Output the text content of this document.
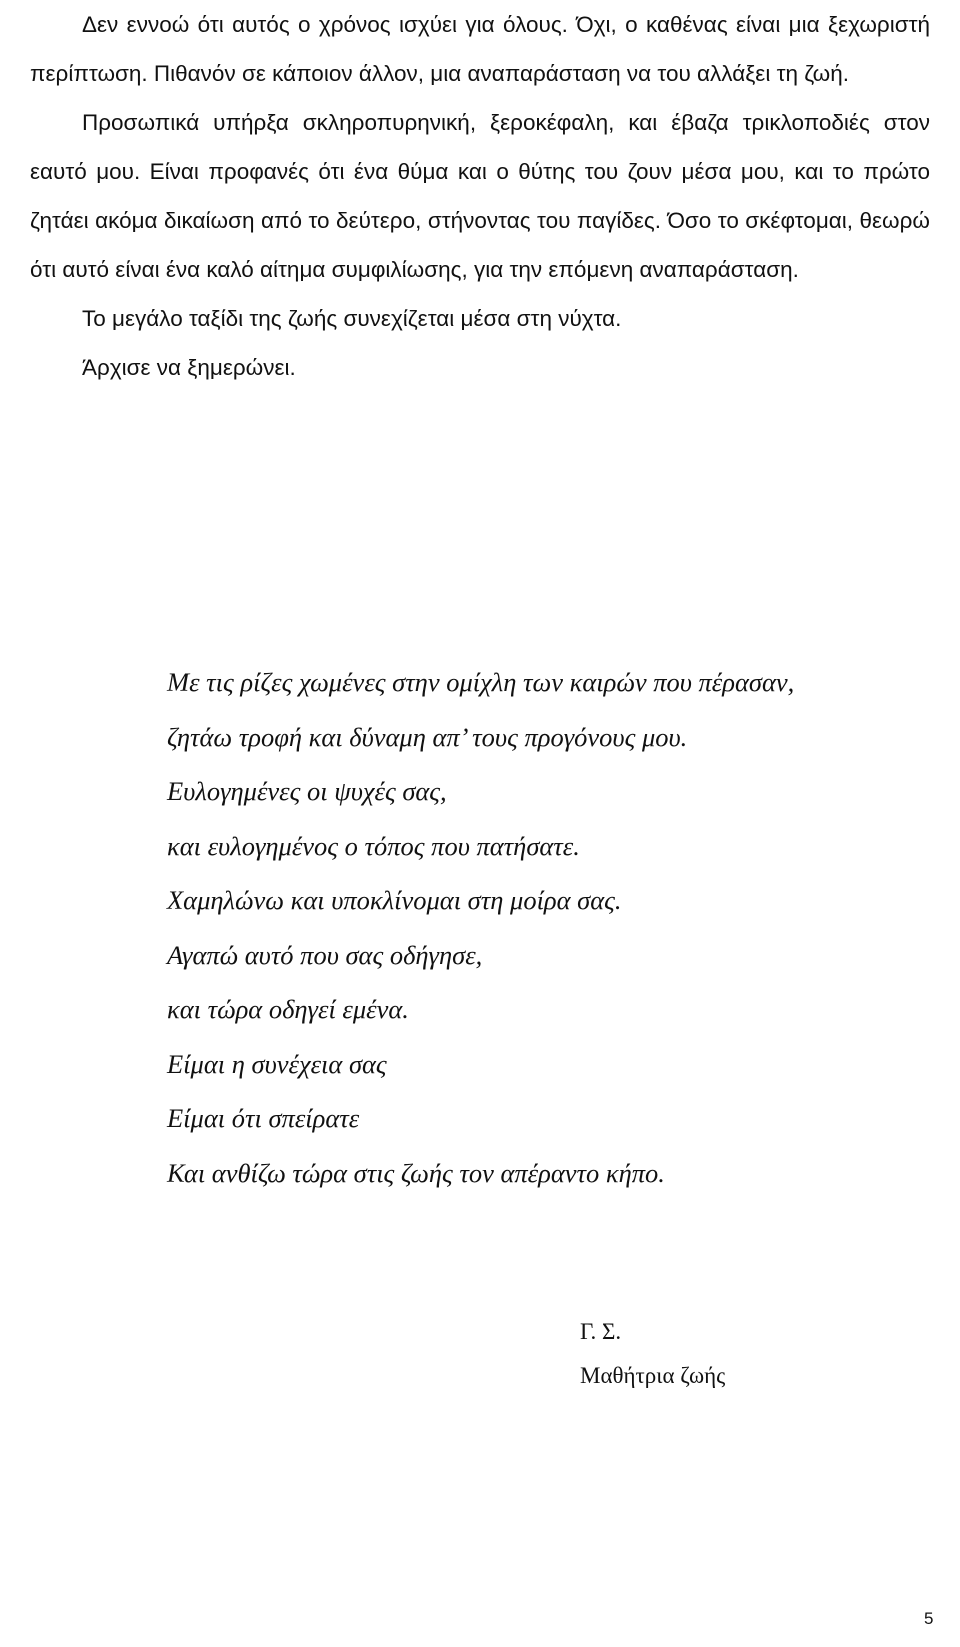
Δεν εννοώ ότι αυτός ο χρόνος ισχύει για όλους. Όχι, ο καθένας είναι μια ξεχωριστή περίπτωση. Πιθανόν σε κάποιον άλλον, μια αναπαράσταση να του αλλάξει τη ζωή.

Προσωπικά υπήρξα σκληροπυρηνική, ξεροκέφαλη, και έβαζα τρικλοποδιές στον εαυτό μου. Είναι προφανές ότι ένα θύμα και ο θύτης του ζουν μέσα μου, και το πρώτο ζητάει ακόμα δικαίωση από το δεύτερο, στήνοντας του παγίδες. Όσο το σκέφτομαι, θεωρώ ότι αυτό είναι ένα καλό αίτημα συμφιλίωσης, για την επόμενη αναπαράσταση.

Το μεγάλο ταξίδι της ζωής συνεχίζεται μέσα στη νύχτα.

Άρχισε να ξημερώνει.

Με τις ρίζες χωμένες στην ομίχλη των καιρών που πέρασαν,
ζητάω τροφή και δύναμη απ’ τους προγόνους μου.
Ευλογημένες οι ψυχές σας,
και ευλογημένος ο τόπος που πατήσατε.
Χαμηλώνω και υποκλίνομαι στη μοίρα σας.
Αγαπώ αυτό που σας οδήγησε,
και τώρα οδηγεί εμένα.
Είμαι η συνέχεια σας
Είμαι ότι σπείρατε
Και ανθίζω τώρα στις ζωής τον απέραντο κήπο.
Γ. Σ.
Μαθήτρια ζωής
5
